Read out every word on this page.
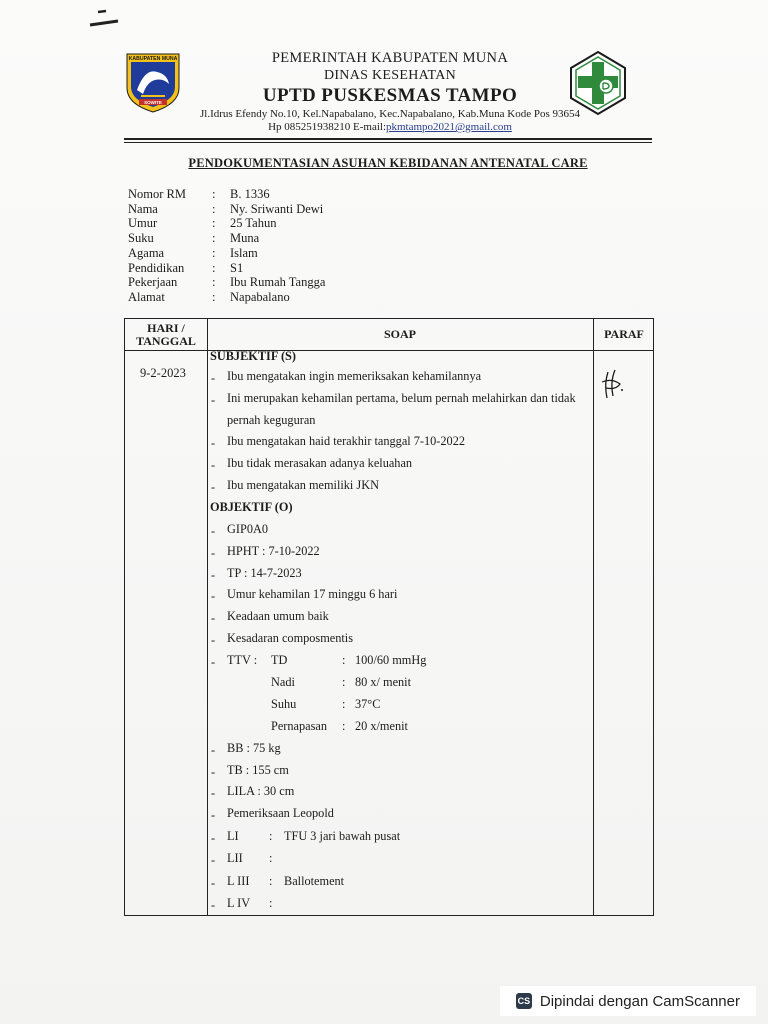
KABUPATEN MUNA
SOWITE
PEMERINTAH KABUPATEN MUNA
DINAS KESEHATAN
UPTD PUSKESMAS TAMPO
Jl.Idrus Efendy No.10, Kel.Napabalano, Kec.Napabalano, Kab.Muna Kode Pos 93654
Hp 085251938210 E-mail:pkmtampo2021@gmail.com
PENDOKUMENTASIAN ASUHAN KEBIDANAN ANTENATAL CARE
Nomor RM	:	B. 1336
Nama	:	Ny. Sriwanti Dewi
Umur	:	25 Tahun
Suku	:	Muna
Agama	:	Islam
Pendidikan	:	S1
Pekerjaan	:	Ibu Rumah Tangga
Alamat	:	Napabalano
HARI /
TANGGAL	SOAP	PARAF
9-2-2023
SUBJEKTIF (S)
- Ibu mengatakan ingin memeriksakan kehamilannya
- Ini merupakan kehamilan pertama, belum pernah melahirkan dan tidak
pernah keguguran
- Ibu mengatakan haid terakhir tanggal 7-10-2022
- Ibu tidak merasakan adanya keluahan
- Ibu mengatakan memiliki JKN
OBJEKTIF (O)
- GIP0A0
- HPHT : 7-10-2022
- TP : 14-7-2023
- Umur kehamilan 17 minggu 6 hari
- Keadaan umum baik
- Kesadaran composmentis
- TTV : TD	: 100/60 mmHg
Nadi	: 80 x/ menit
Suhu	: 37°C
Pernapasan : 20 x/menit
- BB : 75 kg
- TB : 155 cm
- LILA : 30 cm
- Pemeriksaan Leopold
- LI : TFU 3 jari bawah pusat
- LII :
- L III : Ballotement
- L IV :
CS Dipindai dengan CamScanner
